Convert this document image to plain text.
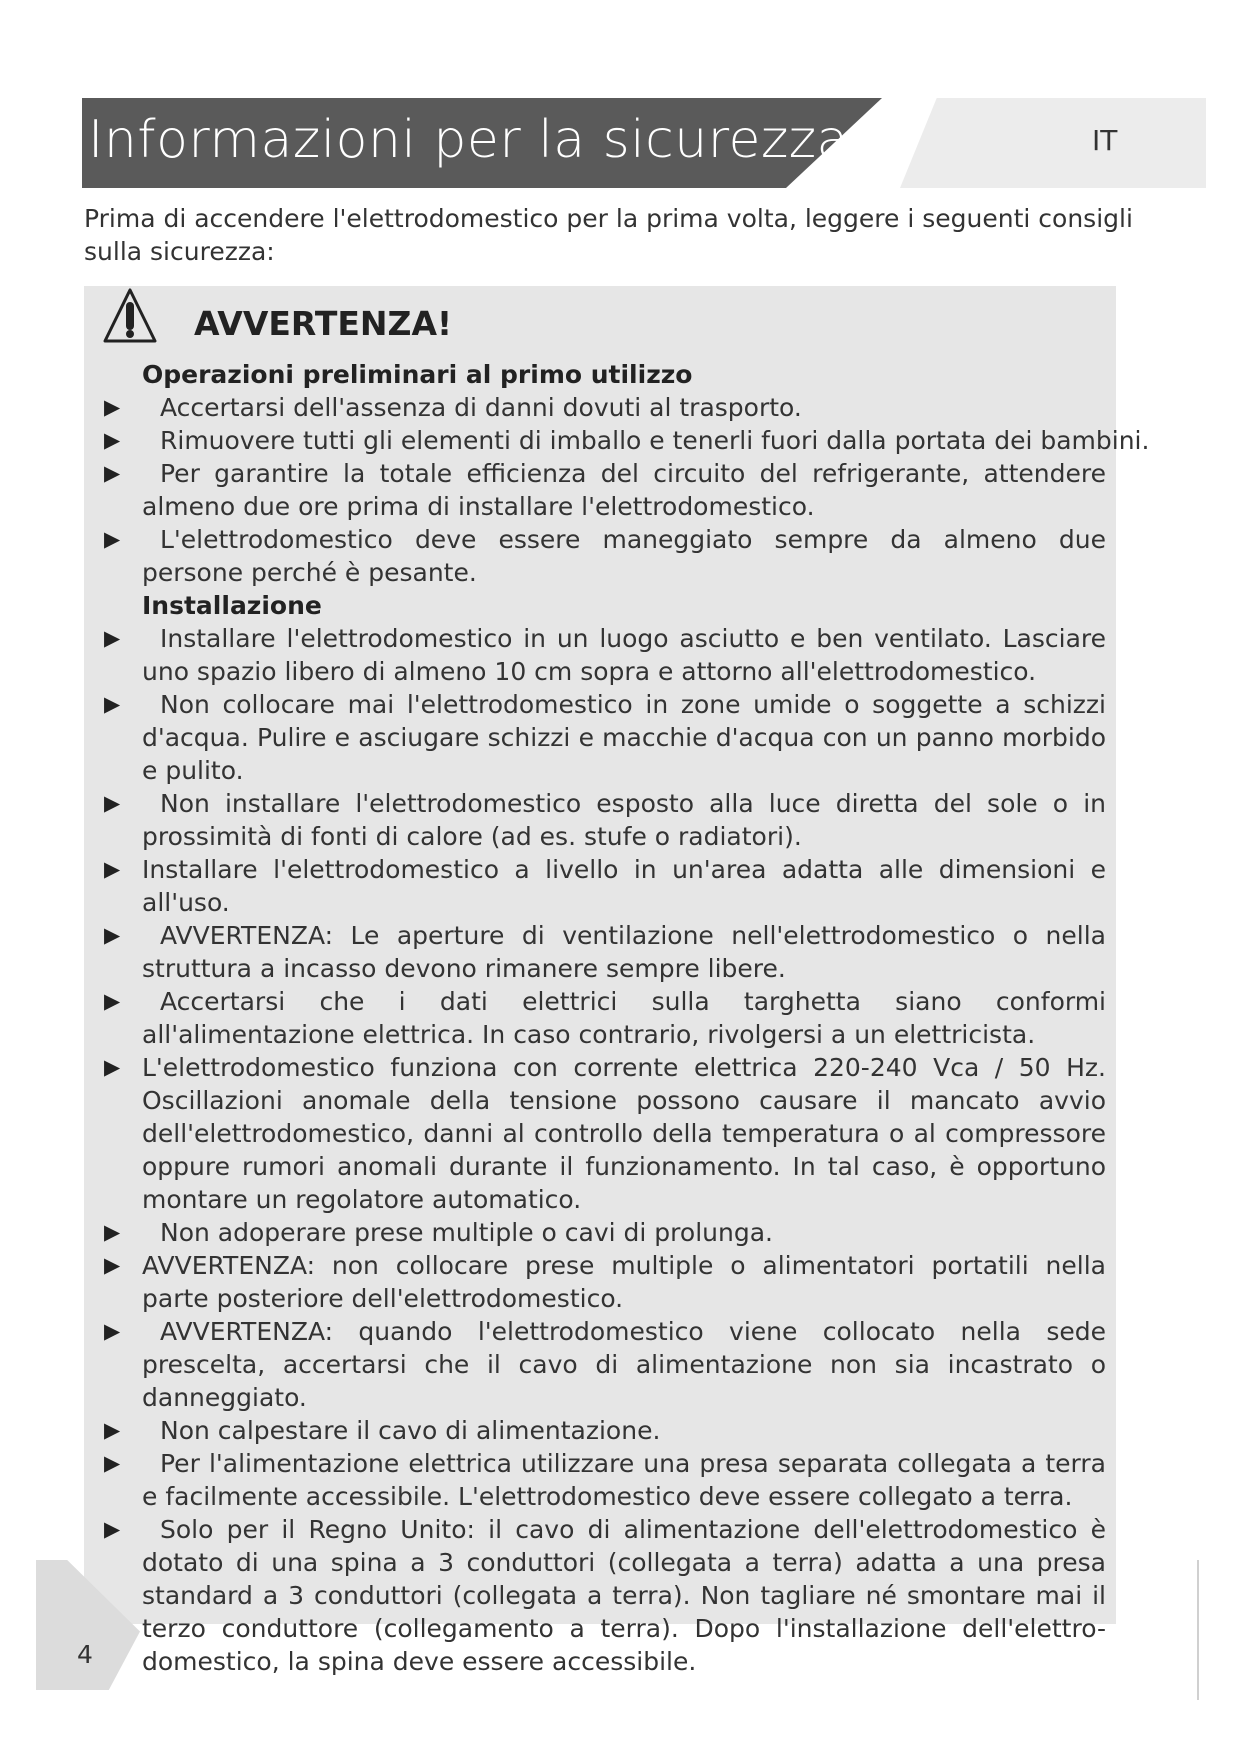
Informazioni per la sicurezza	IT
Prima di accendere l'elettrodomestico per la prima volta, leggere i seguenti consigli sulla sicurezza:
AVVERTENZA!
Operazioni preliminari al primo utilizzo
▶	Accertarsi dell'assenza di danni dovuti al trasporto.
▶	Rimuovere tutti gli elementi di imballo e tenerli fuori dalla portata dei bambini.
▶	Per garantire la totale efficienza del circuito del refrigerante, attendere almeno due ore prima di installare l'elettrodomestico.
▶	L'elettrodomestico deve essere maneggiato sempre da almeno due persone perché è pesante.
Installazione
▶	Installare l'elettrodomestico in un luogo asciutto e ben ventilato. Lasciare uno spazio libero di almeno 10 cm sopra e attorno all'elettrodomestico.
▶	Non collocare mai l'elettrodomestico in zone umide o soggette a schizzi d'acqua. Pulire e asciugare schizzi e macchie d'acqua con un panno morbido e pulito.
▶	Non installare l'elettrodomestico esposto alla luce diretta del sole o in prossimità di fonti di calore (ad es. stufe o radiatori).
▶ Installare l'elettrodomestico a livello in un'area adatta alle dimensioni e all'uso.
▶	AVVERTENZA: Le aperture di ventilazione nell'elettrodomestico o nella struttura a incasso devono rimanere sempre libere.
▶	Accertarsi che i dati elettrici sulla targhetta siano conformi all'alimentazione elettrica. In caso contrario, rivolgersi a un elettricista.
▶ L'elettrodomestico funziona con corrente elettrica 220-240 Vca / 50 Hz. Oscillazioni anomale della tensione possono causare il mancato avvio dell'elettrodomestico, danni al controllo della temperatura o al compressore oppure rumori anomali durante il funzionamento. In tal caso, è opportuno montare un regolatore automatico.
▶	Non adoperare prese multiple o cavi di prolunga.
▶ AVVERTENZA: non collocare prese multiple o alimentatori portatili nella parte posteriore dell'elettrodomestico.
▶	AVVERTENZA: quando l'elettrodomestico viene collocato nella sede prescelta, accertarsi che il cavo di alimentazione non sia incastrato o danneggiato.
▶	Non calpestare il cavo di alimentazione.
▶	Per l'alimentazione elettrica utilizzare una presa separata collegata a terra e facilmente accessibile. L'elettrodomestico deve essere collegato a terra.
▶	Solo per il Regno Unito: il cavo di alimentazione dell'elettrodomestico è dotato di una spina a 3 conduttori (collegata a terra) adatta a una presa standard a 3 conduttori (collegata a terra). Non tagliare né smontare mai il terzo conduttore (collegamento a terra). Dopo l'installazione dell'elettro-domestico, la spina deve essere accessibile.
4
